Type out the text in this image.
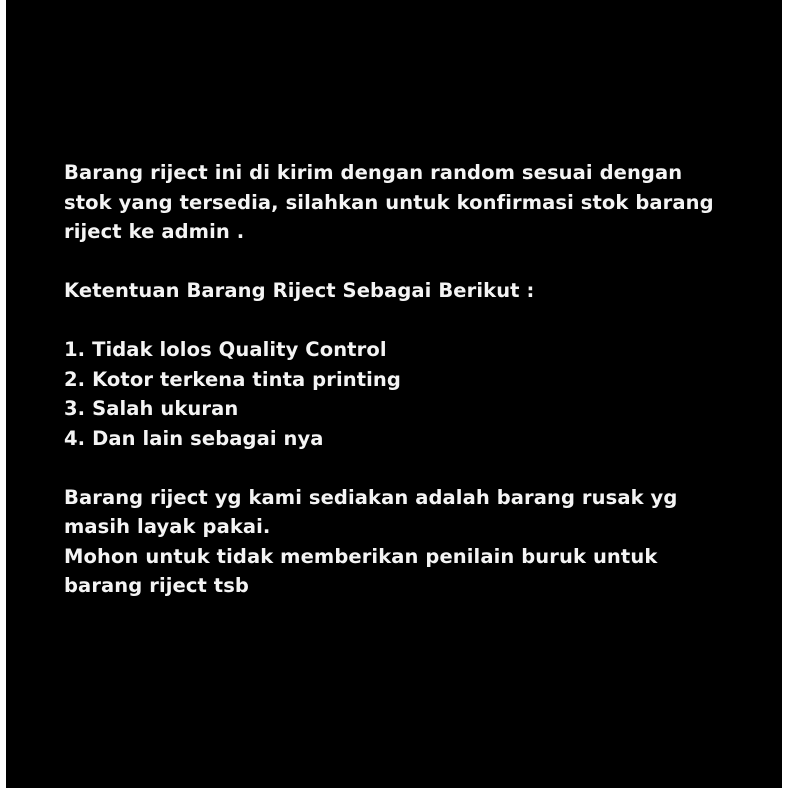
Barang riject ini di kirim dengan random sesuai dengan
stok yang tersedia, silahkan untuk konfirmasi stok barang
riject ke admin .
Ketentuan Barang Riject Sebagai Berikut :
1. Tidak lolos Quality Control
2. Kotor terkena tinta printing
3. Salah ukuran
4. Dan lain sebagai nya
Barang riject yg kami sediakan adalah barang rusak yg
masih layak pakai.
Mohon untuk tidak memberikan penilain buruk untuk
barang riject tsb
